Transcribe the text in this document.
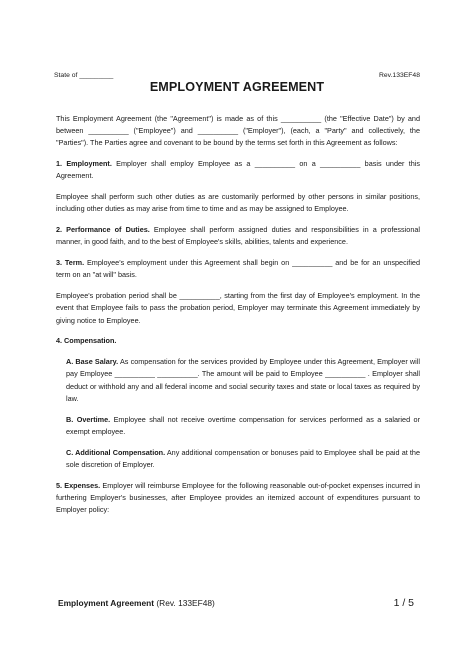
State of _________	Rev.133EF48
EMPLOYMENT AGREEMENT

This Employment Agreement (the "Agreement") is made as of this __________ (the "Effective Date") by and between __________ ("Employee") and __________ ("Employer"), (each, a "Party" and collectively, the "Parties"). The Parties agree and covenant to be bound by the terms set forth in this Agreement as follows:

1. Employment. Employer shall employ Employee as a __________ on a __________ basis under this Agreement.

Employee shall perform such other duties as are customarily performed by other persons in similar positions, including other duties as may arise from time to time and as may be assigned to Employee.

2. Performance of Duties. Employee shall perform assigned duties and responsibilities in a professional manner, in good faith, and to the best of Employee's skills, abilities, talents and experience.

3. Term. Employee's employment under this Agreement shall begin on __________ and be for an unspecified term on an "at will" basis.

Employee's probation period shall be __________, starting from the first day of Employee's employment. In the event that Employee fails to pass the probation period, Employer may terminate this Agreement immediately by giving notice to Employee.

4. Compensation.

A. Base Salary. As compensation for the services provided by Employee under this Agreement, Employer will pay Employee __________ __________. The amount will be paid to Employee __________ . Employer shall deduct or withhold any and all federal income and social security taxes and state or local taxes as required by law.

B. Overtime. Employee shall not receive overtime compensation for services performed as a salaried or exempt employee.

C. Additional Compensation. Any additional compensation or bonuses paid to Employee shall be paid at the sole discretion of Employer.

5. Expenses. Employer will reimburse Employee for the following reasonable out-of-pocket expenses incurred in furthering Employer's businesses, after Employee provides an itemized account of expenditures pursuant to Employer policy:

Employment Agreement (Rev. 133EF48)	1 / 5
